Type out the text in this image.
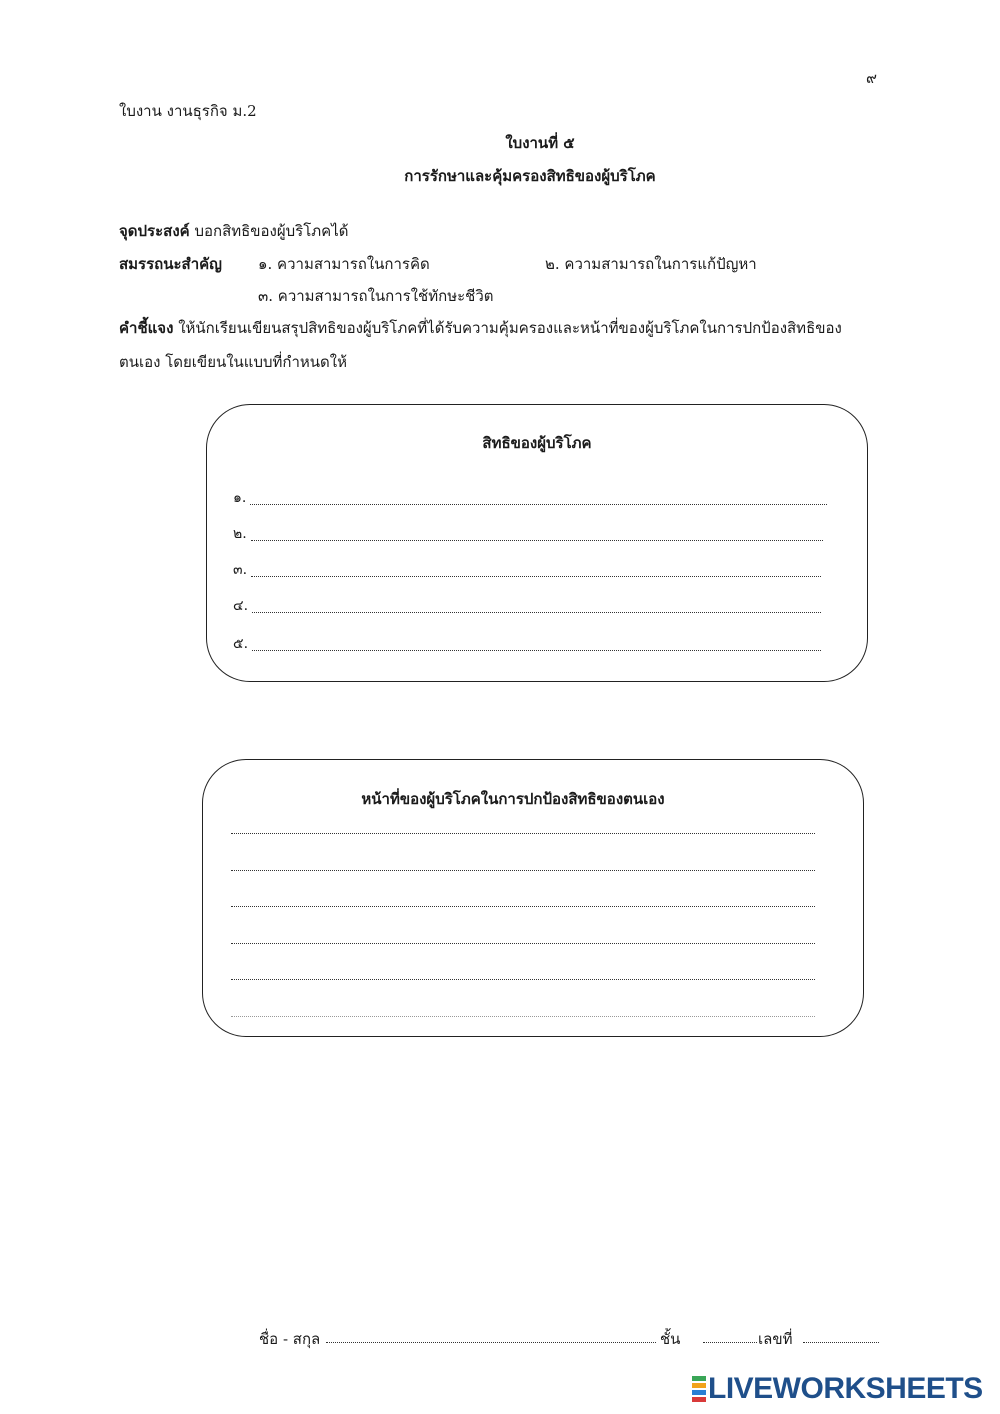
๙
ใบงาน งานธุรกิจ ม.2
ใบงานที่ ๕
การรักษาและคุ้มครองสิทธิของผู้บริโภค
จุดประสงค์ บอกสิทธิของผู้บริโภคได้
สมรรถนะสำคัญ ๑. ความสามารถในการคิด	๒. ความสามารถในการแก้ปัญหา
๓. ความสามารถในการใช้ทักษะชีวิต
คำชี้แจง ให้นักเรียนเขียนสรุปสิทธิของผู้บริโภคที่ได้รับความคุ้มครองและหน้าที่ของผู้บริโภคในการปกป้องสิทธิของ
ตนเอง โดยเขียนในแบบที่กำหนดให้
สิทธิของผู้บริโภค
๑.
๒.
๓.
๔.
๕.
หน้าที่ของผู้บริโภคในการปกป้องสิทธิของตนเอง
ชื่อ - สกุล	ชั้น	เลขที่
LIVEWORKSHEETS
